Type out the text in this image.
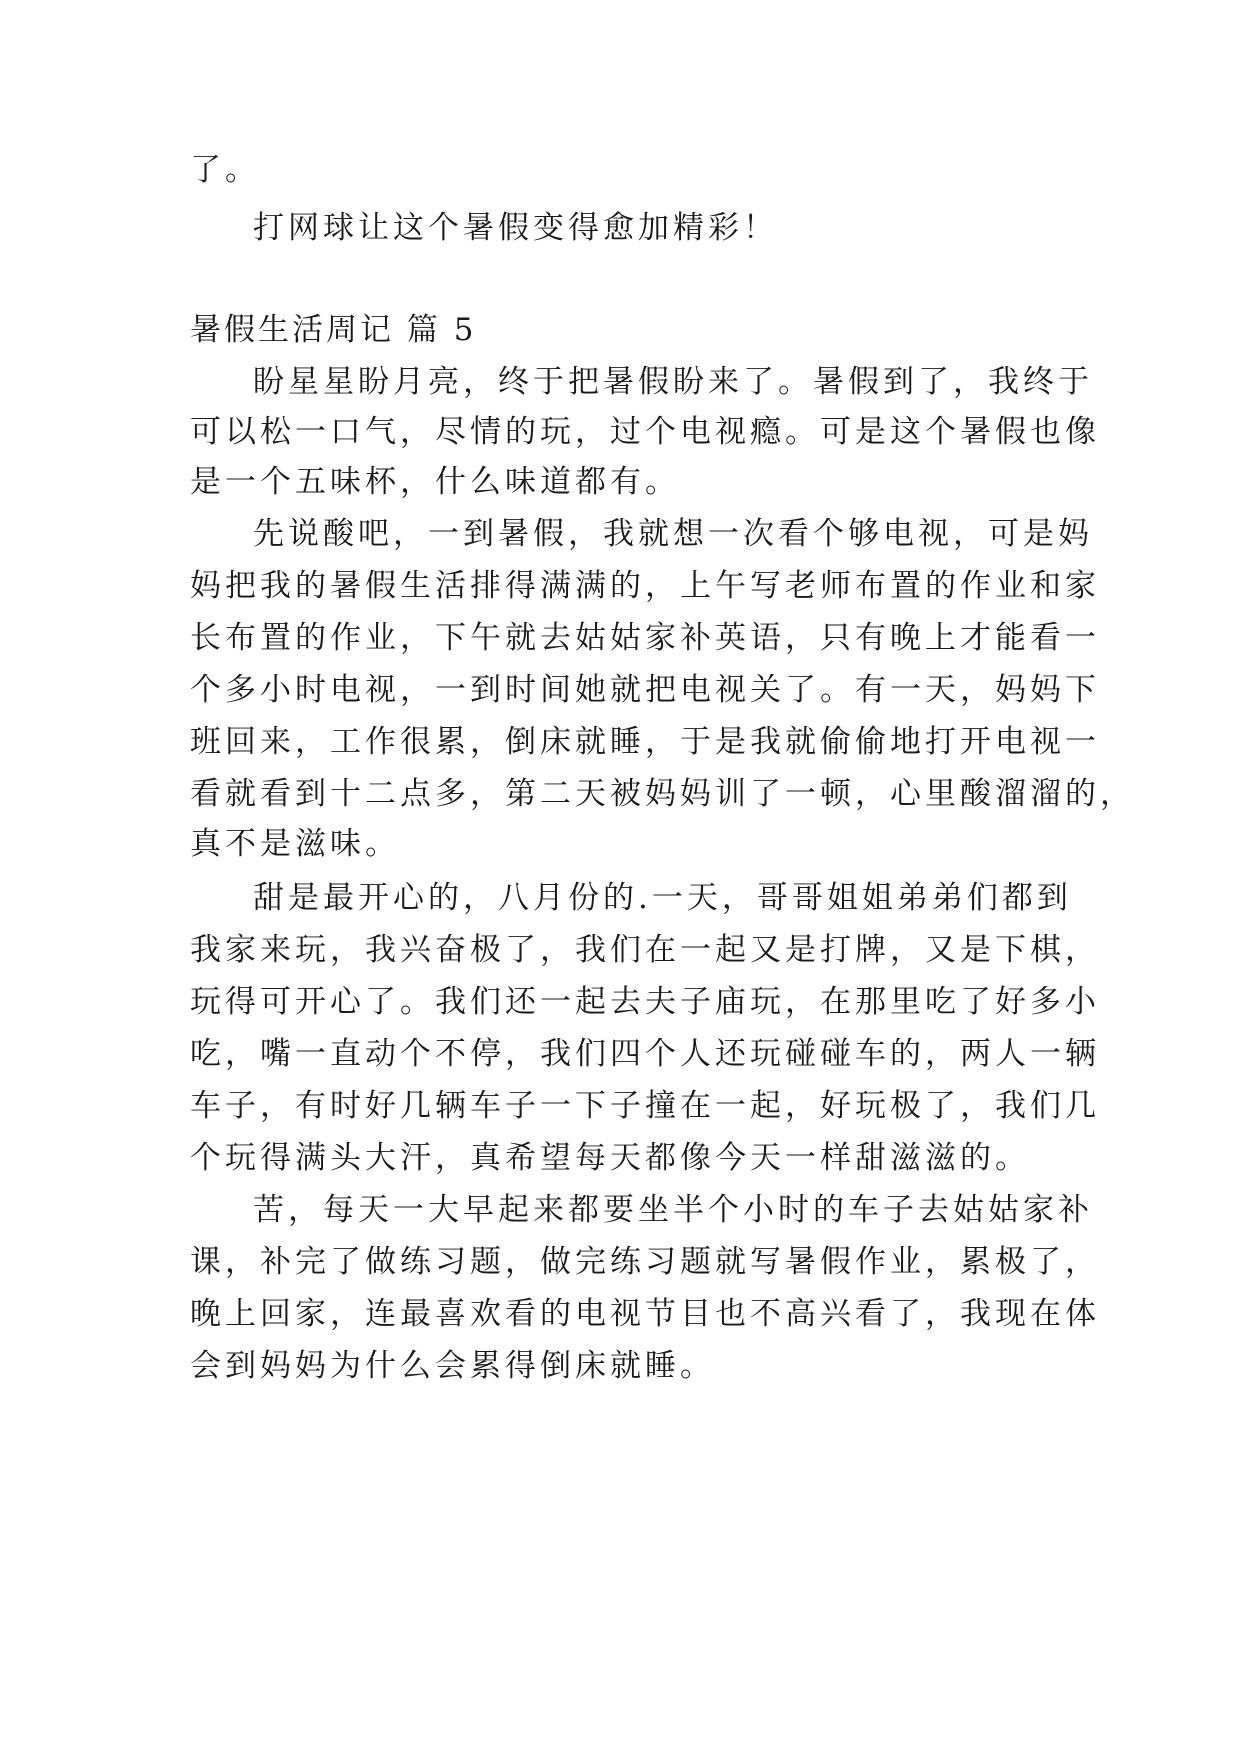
了。
打网球让这个暑假变得愈加精彩！
暑假生活周记 篇 5
盼星星盼月亮，终于把暑假盼来了。暑假到了，我终于
可以松一口气，尽情的玩，过个电视瘾。可是这个暑假也像
是一个五味杯，什么味道都有。
先说酸吧，一到暑假，我就想一次看个够电视，可是妈
妈把我的暑假生活排得满满的，上午写老师布置的作业和家
长布置的作业，下午就去姑姑家补英语，只有晚上才能看一
个多小时电视，一到时间她就把电视关了。有一天，妈妈下
班回来，工作很累，倒床就睡，于是我就偷偷地打开电视一
看就看到十二点多，第二天被妈妈训了一顿，心里酸溜溜的，
真不是滋味。
甜是最开心的，八月份的.一天，哥哥姐姐弟弟们都到
我家来玩，我兴奋极了，我们在一起又是打牌，又是下棋，
玩得可开心了。我们还一起去夫子庙玩，在那里吃了好多小
吃，嘴一直动个不停，我们四个人还玩碰碰车的，两人一辆
车子，有时好几辆车子一下子撞在一起，好玩极了，我们几
个玩得满头大汗，真希望每天都像今天一样甜滋滋的。
苦，每天一大早起来都要坐半个小时的车子去姑姑家补
课，补完了做练习题，做完练习题就写暑假作业，累极了，
晚上回家，连最喜欢看的电视节目也不高兴看了，我现在体
会到妈妈为什么会累得倒床就睡。
